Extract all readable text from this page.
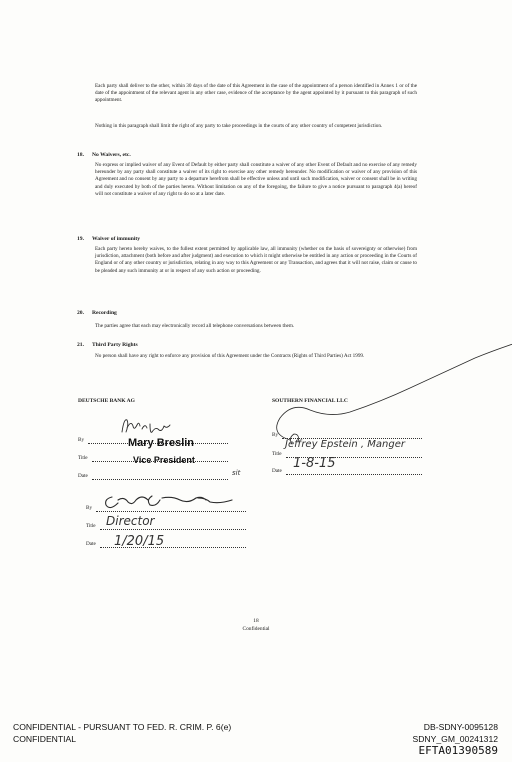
Each party shall deliver to the other, within 30 days of the date of this Agreement in the case of the appointment of a person identified in Annex 1 or of the date of the appointment of the relevant agent in any other case, evidence of the acceptance by the agent appointed by it pursuant to this paragraph of such appointment.
Nothing in this paragraph shall limit the right of any party to take proceedings in the courts of any other country of competent jurisdiction.
18. No Waivers, etc.
No express or implied waiver of any Event of Default by either party shall constitute a waiver of any other Event of Default and no exercise of any remedy hereunder by any party shall constitute a waiver of its right to exercise any other remedy hereunder. No modification or waiver of any provision of this Agreement and no consent by any party to a departure herefrom shall be effective unless and until such modification, waiver or consent shall be in writing and duly executed by both of the parties hereto. Without limitation on any of the foregoing, the failure to give a notice pursuant to paragraph 4(a) hereof will not constitute a waiver of any right to do so at a later date.
19. Waiver of immunity
Each party hereto hereby waives, to the fullest extent permitted by applicable law, all immunity (whether on the basis of sovereignty or otherwise) from jurisdiction, attachment (both before and after judgment) and execution to which it might otherwise be entitled in any action or proceeding in the Courts of England or of any other country or jurisdiction, relating in any way to this Agreement or any Transaction, and agrees that it will not raise, claim or cause to be pleaded any such immunity at or in respect of any such action or proceeding.
20. Recording
The parties agree that each may electronically record all telephone conversations between them.
21. Third Party Rights
No person shall have any right to enforce any provision of this Agreement under the Contracts (Rights of Third Parties) Act 1999.
DEUTSCHE BANK AG	SOUTHERN FINANCIAL LLC
By
Title
Date
Mary Breslin
Vice President
sit
By
Title
Date
Director
1/20/15
By
Title
Date
Jeffrey Epstein , Manger
1-8-15
18
Confidential
CONFIDENTIAL - PURSUANT TO FED. R. CRIM. P. 6(e)
CONFIDENTIAL
DB-SDNY-0095128
SDNY_GM_00241312
EFTA01390589
